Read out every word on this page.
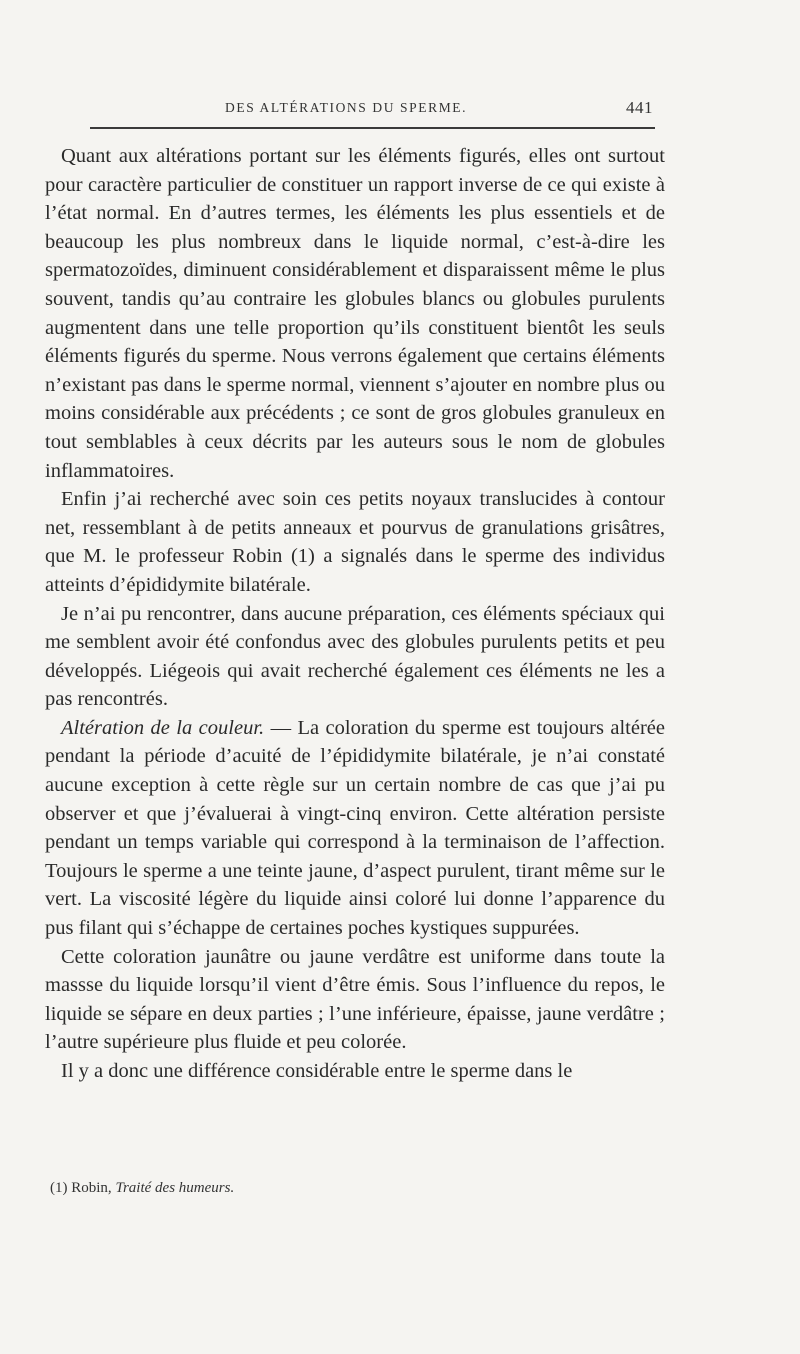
DES ALTÉRATIONS DU SPERME.	441

Quant aux altérations portant sur les éléments figurés, elles ont surtout pour caractère particulier de constituer un rapport inverse de ce qui existe à l’état normal. En d’autres termes, les éléments les plus essentiels et de beaucoup les plus nombreux dans le liquide normal, c’est-à-dire les spermatozoïdes, diminuent considérablement et disparaissent même le plus souvent, tandis qu’au contraire les globules blancs ou globules purulents augmentent dans une telle proportion qu’ils constituent bientôt les seuls éléments figurés du sperme. Nous verrons également que certains éléments n’existant pas dans le sperme normal, viennent s’ajouter en nombre plus ou moins considérable aux précédents ; ce sont de gros globules granuleux en tout semblables à ceux décrits par les auteurs sous le nom de globules inflammatoires.

Enfin j’ai recherché avec soin ces petits noyaux translucides à contour net, ressemblant à de petits anneaux et pourvus de granulations grisâtres, que M. le professeur Robin (1) a signalés dans le sperme des individus atteints d’épididymite bilatérale.

Je n’ai pu rencontrer, dans aucune préparation, ces éléments spéciaux qui me semblent avoir été confondus avec des globules purulents petits et peu développés. Liégeois qui avait recherché également ces éléments ne les a pas rencontrés.

Altération de la couleur. — La coloration du sperme est toujours altérée pendant la période d’acuité de l’épididymite bilatérale, je n’ai constaté aucune exception à cette règle sur un certain nombre de cas que j’ai pu observer et que j’évaluerai à vingt-cinq environ. Cette altération persiste pendant un temps variable qui correspond à la terminaison de l’affection. Toujours le sperme a une teinte jaune, d’aspect purulent, tirant même sur le vert. La viscosité légère du liquide ainsi coloré lui donne l’apparence du pus filant qui s’échappe de certaines poches kystiques suppurées.

Cette coloration jaunâtre ou jaune verdâtre est uniforme dans toute la massse du liquide lorsqu’il vient d’être émis. Sous l’influence du repos, le liquide se sépare en deux parties ; l’une inférieure, épaisse, jaune verdâtre ; l’autre supérieure plus fluide et peu colorée.

Il y a donc une différence considérable entre le sperme dans le

(1) Robin, Traité des humeurs.
